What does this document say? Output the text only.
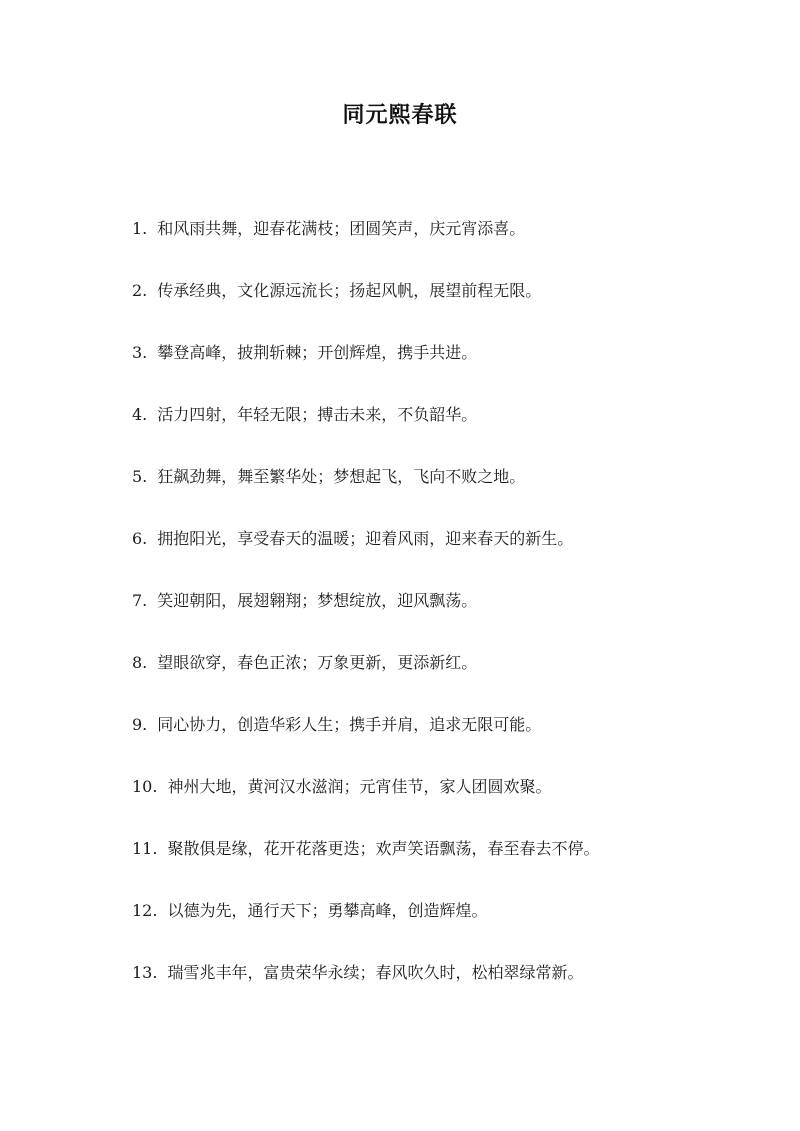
同元熙春联
1. 和风雨共舞，迎春花满枝；团圆笑声，庆元宵添喜。
2. 传承经典，文化源远流长；扬起风帆，展望前程无限。
3. 攀登高峰，披荆斩棘；开创辉煌，携手共进。
4. 活力四射，年轻无限；搏击未来，不负韶华。
5. 狂飙劲舞，舞至繁华处；梦想起飞，飞向不败之地。
6. 拥抱阳光，享受春天的温暖；迎着风雨，迎来春天的新生。
7. 笑迎朝阳，展翅翱翔；梦想绽放，迎风飘荡。
8. 望眼欲穿，春色正浓；万象更新，更添新红。
9. 同心协力，创造华彩人生；携手并肩，追求无限可能。
10. 神州大地，黄河汉水滋润；元宵佳节，家人团圆欢聚。
11. 聚散俱是缘，花开花落更迭；欢声笑语飘荡，春至春去不停。
12. 以德为先，通行天下；勇攀高峰，创造辉煌。
13. 瑞雪兆丰年，富贵荣华永续；春风吹久时，松柏翠绿常新。
